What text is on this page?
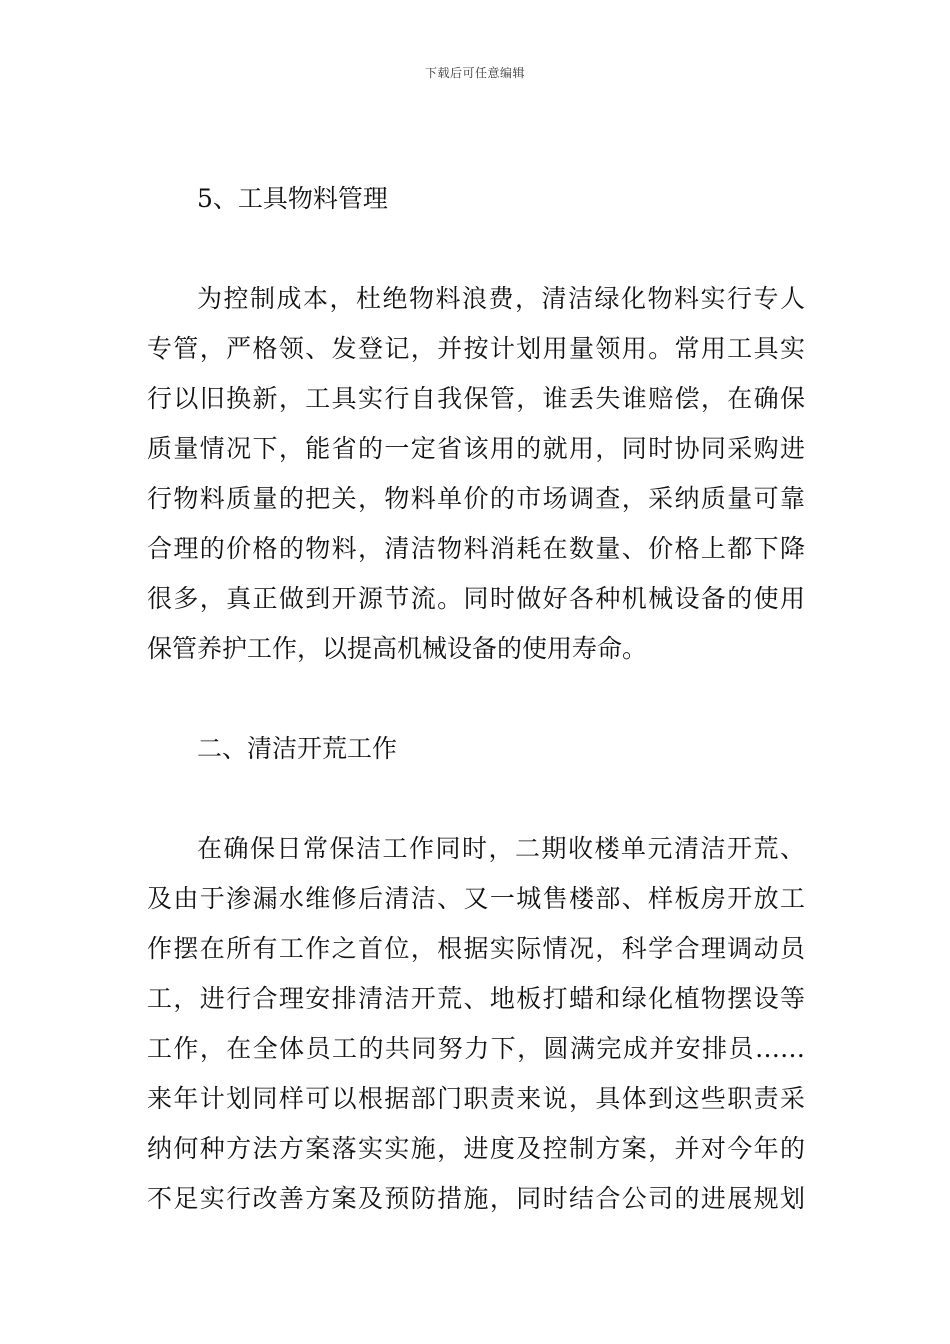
下载后可任意编辑
5、工具物料管理
为控制成本，杜绝物料浪费，清洁绿化物料实行专人
专管，严格领、发登记，并按计划用量领用。常用工具实
行以旧换新，工具实行自我保管，谁丢失谁赔偿，在确保
质量情况下，能省的一定省该用的就用，同时协同采购进
行物料质量的把关，物料单价的市场调查，采纳质量可靠
合理的价格的物料，清洁物料消耗在数量、价格上都下降
很多，真正做到开源节流。同时做好各种机械设备的使用
保管养护工作，以提高机械设备的使用寿命。
二、清洁开荒工作
在确保日常保洁工作同时，二期收楼单元清洁开荒、
及由于渗漏水维修后清洁、又一城售楼部、样板房开放工
作摆在所有工作之首位，根据实际情况，科学合理调动员
工，进行合理安排清洁开荒、地板打蜡和绿化植物摆设等
工作，在全体员工的共同努力下，圆满完成并安排员……
来年计划同样可以根据部门职责来说，具体到这些职责采
纳何种方法方案落实实施，进度及控制方案，并对今年的
不足实行改善方案及预防措施，同时结合公司的进展规划
